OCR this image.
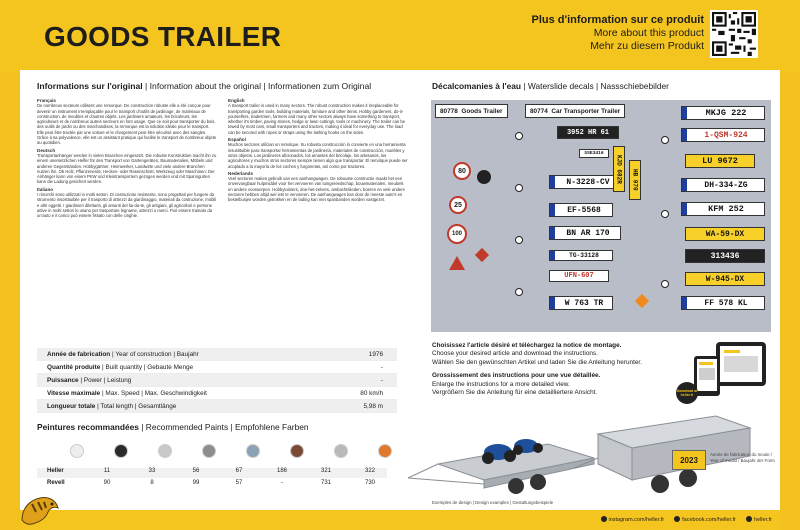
GOODS TRAILER
Plus d'information sur ce produit
More about this product
Mehr zu diesem Produkt
Informations sur l'original | Information about the original | Informationen zum Original
Français

De nombreux secteurs utilisent une remorque. De construction robuste elle a été conçue pour devenir un instrument irremplaçable pour le transport d'outils de jardinage, de matériaux de construction, de meubles et d'autres objets. Les jardiniers amateurs, les bricoleurs, les agriculteurs et de nombreux autres secteurs en font usage. Que ce soit pour transporter du bois, des outils de jardin ou des marchandises, la remorque est la solution idéale pour le transport. Elle peut être tractée par une voiture et le chargement peut être sécurisé avec des sangles. Grâce à sa polyvalence, elle est un assistant pratique qui facilite le transport de nombreux objets au quotidien.

Deutsch

Transportanhänger werden in vielen Branchen eingesetzt. Die robuste Konstruktion macht ihn zu einem unersetzlichen Helfer für den Transport von Gartengeräten, Baumaterialien, Möbeln und anderen Gegenständen. Hobbygärtner, Heimwerker, Landwirte und viele andere Branchen nutzen ihn. Ob Holz, Pflanzenerde, Hecken- oder Rasenschnitt, Werkzeug oder Maschinen: Der Anhänger kann von einem PKW und Kleintransportern gezogen werden und mit Spanngurten kann die Ladung gesichert werden.

Italiano

I rimorchi sono utilizzati in molti settori. Di costruzione resistente, sono progettati per fungere da strumento insostituibile per il trasporto di attrezzi da giardinaggio, materiali da costruzione, mobili e altri oggetti. I giardinieri dilettanti, gli amanti del fai-da-te, gli artigiani, gli agricoltori e persone attive in molti settori lo usano per trasportare legname, attrezzi o merci. Può essere trainato da un'auto e il carico può essere fissato con delle cinghie.

English

A transport trailer is used in many sectors. The robust construction makes it irreplaceable for transporting garden tools, building materials, furniture and other items. Hobby gardeners, do-it-yourselfers, tradesmen, farmers and many other sectors always have something to transport, whether it's timber, paving stones, hedge or lawn cuttings, tools or machinery. The trailer can be towed by most cars, small transporters and tractors, making it ideal for everyday use. The load can be secured with ropes or straps using the lashing hooks on the sides.

Español

Muchos sectores utilizan un remolque. Su robusta construcción lo convierte en una herramienta insustituible para transportar herramientas de jardinería, materiales de construcción, muebles y otros objetos. Los jardineros aficionados, los amantes del bricolaje, los artesanos, los agricultores y muchos otros sectores siempre tienen algo que transportar. El remolque puede ser acoplado a la mayoría de los coches y furgonetas, así como por tractores.

Nederlands

Veel sectoren maken gebruik van een aanhangwagen. De robuuste constructie maakt het een onvervangbaar hulpmiddel voor het vervoeren van tuingereedschap, bouwmaterialen, meubels en andere voorwerpen. Hobbytuiniers, doe-het-zelvers, ambachtslieden, boeren en vele andere sectoren hebben altijd wel iets te vervoeren. De aanhangwagen kan door de meeste auto's en bestelbusjes worden getrokken en de lading kan met spanbanden worden vastgezet.

Année de fabrication | Year of construction | Baujahr	1976
Quantité produite | Built quantity | Gebaute Menge	-
Puissance | Power | Leistung	-
Vitesse maximale | Max. Speed | Max. Geschwindigkeit	80 km/h
Longueur totale | Total length | Gesamtlänge	5,98 m
Peintures recommandées | Recommended Paints | Empfohlene Farben
Heller	11	33	56	67	186	321	322
Revell	90	8	99	57	-	731	730
Décalcomanies à l'eau | Waterslide decals | Nassschiebebilder
80778
Goods Trailer	80774
Car Transporter Trailer
3952 HR 61
SSE3416
N-3228-CV
EF-5568
BN AR 170
TG-33128
UFN-607
W 763 TR
KJD 682R	HB 970
MKJG 222
1-QSM-924
LU 9672
DH-334-ZG
KFM 252
WA-59-DX
313436
W-945-DX
FF 578 KL
80
25
100

Choisissez l'article désiré et téléchargez la notice de montage.
Choose your desired article and download the instructions.
Wählen Sie den gewünschten Artikel und laden Sie die Anleitung herunter.

Grossissement des instructions pour une vue détaillée.
Enlarge the instructions for a more detailed view.
Vergrößern Sie die Anleitung für eine detailliertere Ansicht.	Download at heller.fr
Exemples de design | Design examples | Gestaltungsbeispiele
2023
Année de fabrication du moule / Year of mould / Baujahr der Form
instagram.com/heller.fr	facebook.com/heller.fr	heller.fr
